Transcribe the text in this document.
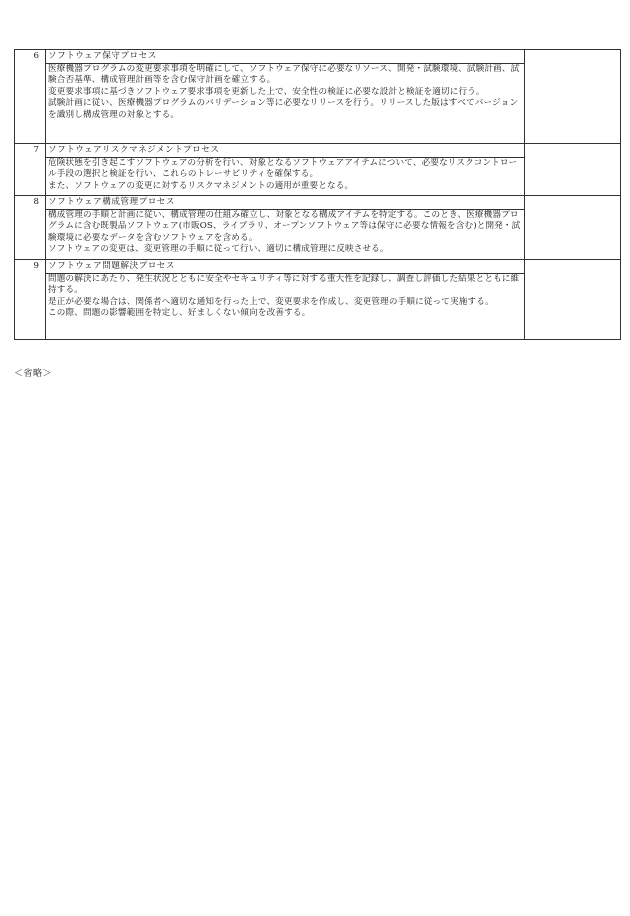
6	ソフトウェア保守プロセス
医療機器プログラムの変更要求事項を明確にして、ソフトウェア保守に必要なリソース、開発・試験環境、試験計画、試験合否基準、構成管理計画等を含む保守計画を確立する。
変更要求事項に基づきソフトウェア要求事項を更新した上で、安全性の検証に必要な設計と検証を適切に行う。
試験計画に従い、医療機器プログラムのバリデーション等に必要なリリースを行う。リリースした版はすべてバージョンを識別し構成管理の対象とする。	

7	ソフトウェアリスクマネジメントプロセス
危険状態を引き起こすソフトウェアの分析を行い、対象となるソフトウェアアイテムについて、必要なリスクコントロール手段の選択と検証を行い、これらのトレーサビリティを確保する。
また、ソフトウェアの変更に対するリスクマネジメントの適用が重要となる。	

8	ソフトウェア構成管理プロセス
構成管理の手順と計画に従い、構成管理の仕組み確立し、対象となる構成アイテムを特定する。このとき、医療機器プログラムに含む既製品ソフトウェア(市販OS、ライブラリ、オープンソフトウェア等は保守に必要な情報を含む)と開発・試験環境に必要なデータを含むソフトウェアを含める。
ソフトウェアの変更は、変更管理の手順に従って行い、適切に構成管理に反映させる。	

9	ソフトウェア問題解決プロセス
問題の解決にあたり、発生状況とともに安全やセキュリティ等に対する重大性を記録し、調査し評価した結果とともに維持する。
是正が必要な場合は、関係者へ適切な通知を行った上で、変更要求を作成し、変更管理の手順に従って実施する。
この際、問題の影響範囲を特定し、好ましくない傾向を改善する。	

＜省略＞
